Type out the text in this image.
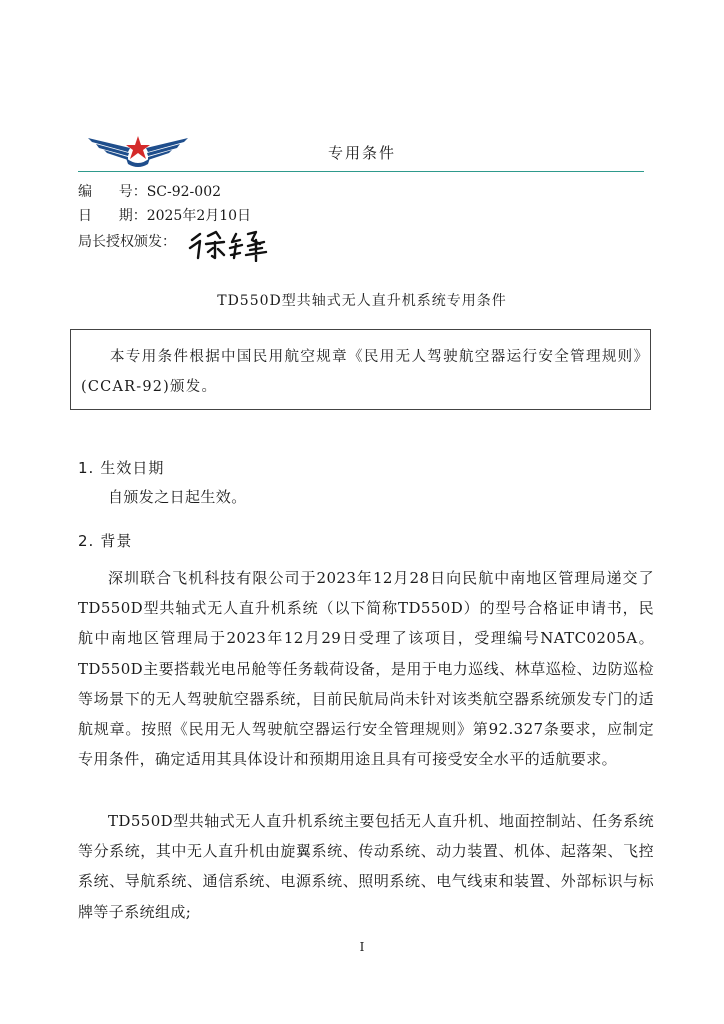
专用条件
编      号：SC-92-002
日      期：2025年2月10日
局长授权颁发：
TD550D型共轴式无人直升机系统专用条件
本专用条件根据中国民用航空规章《民用无人驾驶航空器运行安全管理规则》(CCAR-92)颁发。
1. 生效日期
自颁发之日起生效。
2. 背景
深圳联合飞机科技有限公司于2023年12月28日向民航中南地区管理局递交了TD550D型共轴式无人直升机系统（以下简称TD550D）的型号合格证申请书，民航中南地区管理局于2023年12月29日受理了该项目，受理编号NATC0205A。TD550D主要搭载光电吊舱等任务载荷设备，是用于电力巡线、林草巡检、边防巡检等场景下的无人驾驶航空器系统，目前民航局尚未针对该类航空器系统颁发专门的适航规章。按照《民用无人驾驶航空器运行安全管理规则》第92.327条要求，应制定专用条件，确定适用其具体设计和预期用途且具有可接受安全水平的适航要求。
TD550D型共轴式无人直升机系统主要包括无人直升机、地面控制站、任务系统等分系统，其中无人直升机由旋翼系统、传动系统、动力装置、机体、起落架、飞控系统、导航系统、通信系统、电源系统、照明系统、电气线束和装置、外部标识与标牌等子系统组成;
I
